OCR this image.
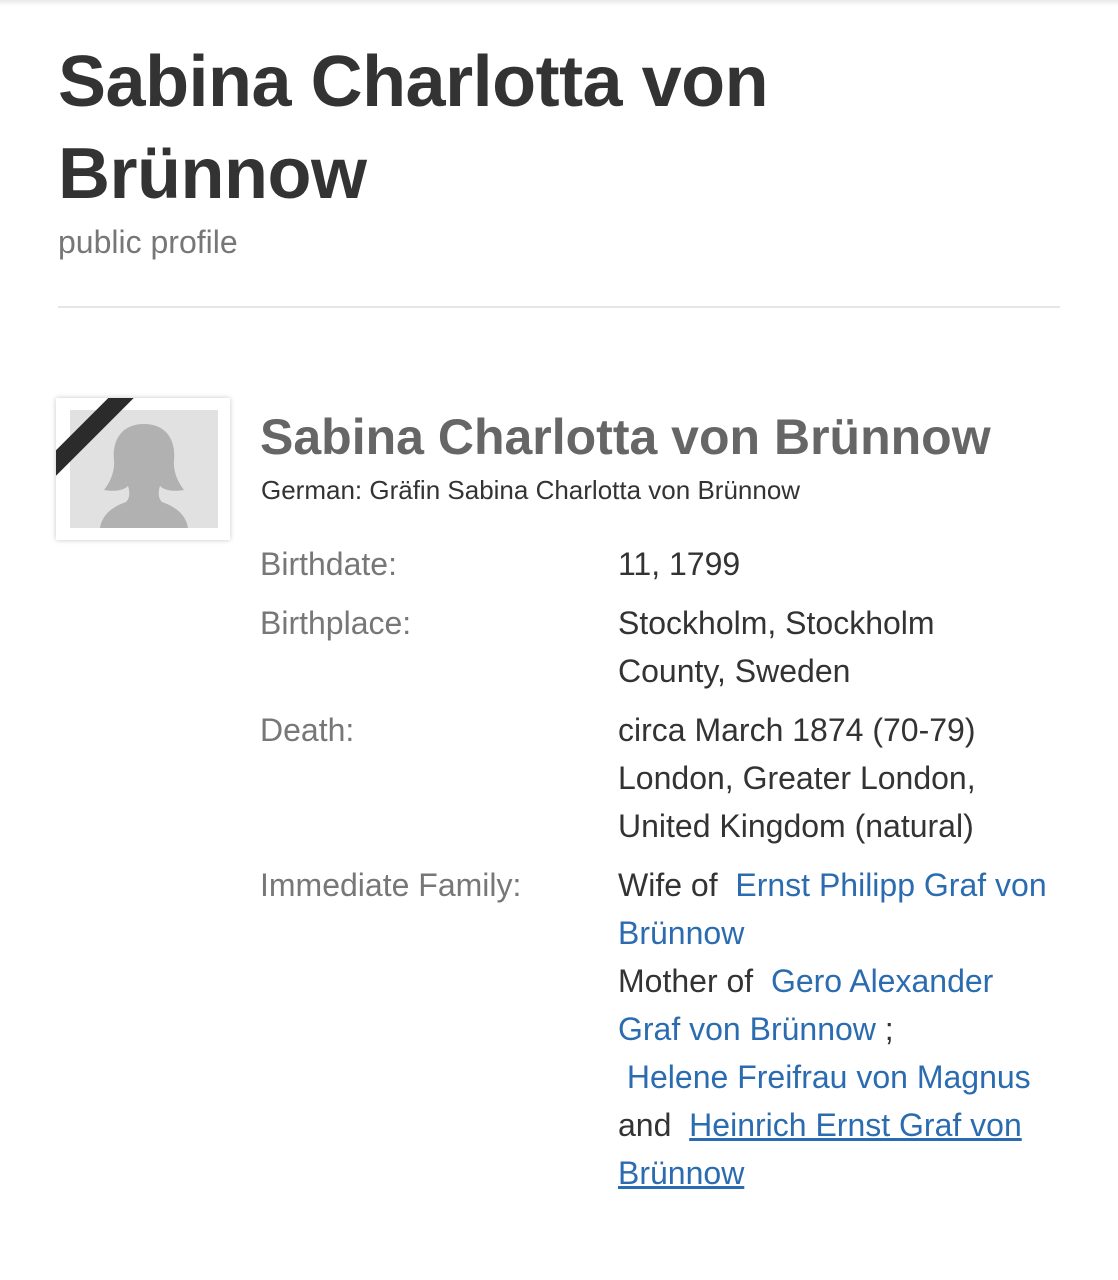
Sabina Charlotta von Brünnow
public profile
Sabina Charlotta von Brünnow
German: Gräfin Sabina Charlotta von Brünnow
Birthdate:	11, 1799
Birthplace:	Stockholm, Stockholm County, Sweden
Death:	circa March 1874 (70-79)
London, Greater London, United Kingdom (natural)
Immediate Family:	Wife of Ernst Philipp Graf von Brünnow
Mother of Gero Alexander Graf von Brünnow ;
Helene Freifrau von Magnus  and Heinrich Ernst Graf von Brünnow
